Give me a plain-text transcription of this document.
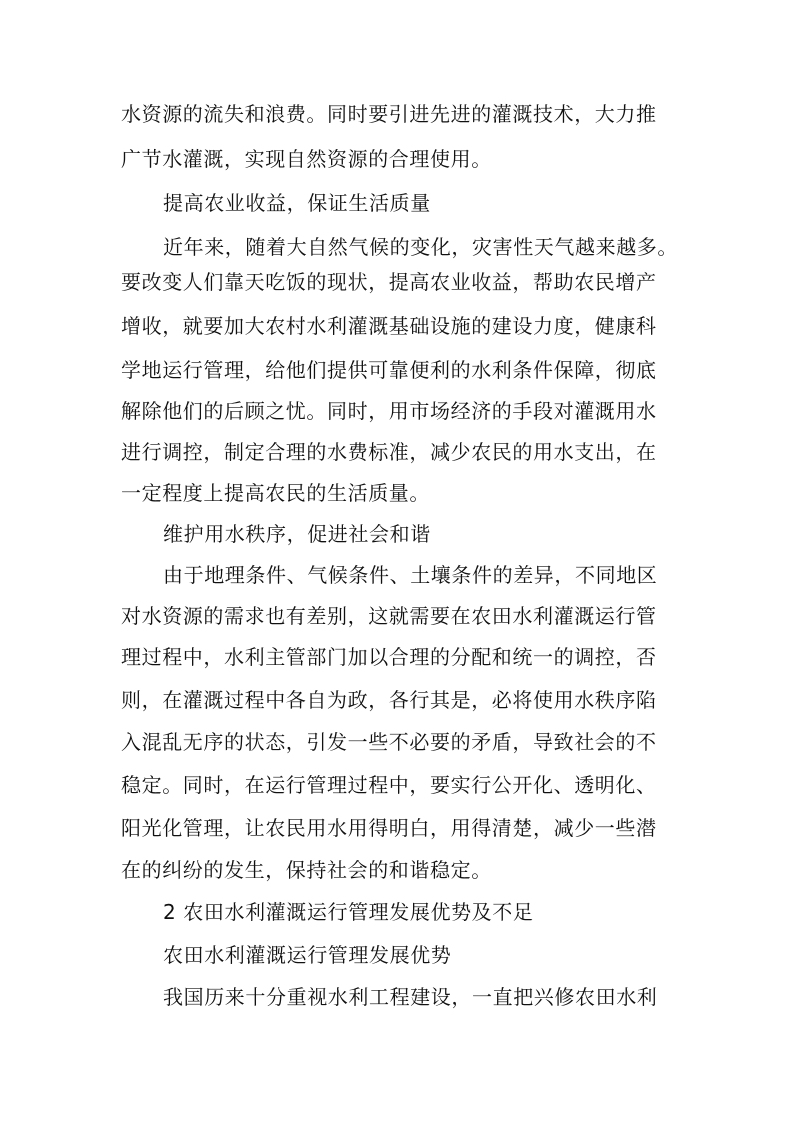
水资源的流失和浪费。同时要引进先进的灌溉技术，大力推
广节水灌溉，实现自然资源的合理使用。
提高农业收益，保证生活质量
近年来，随着大自然气候的变化，灾害性天气越来越多。
要改变人们靠天吃饭的现状，提高农业收益，帮助农民增产
增收，就要加大农村水利灌溉基础设施的建设力度，健康科
学地运行管理，给他们提供可靠便利的水利条件保障，彻底
解除他们的后顾之忧。同时，用市场经济的手段对灌溉用水
进行调控，制定合理的水费标准，减少农民的用水支出，在
一定程度上提高农民的生活质量。
维护用水秩序，促进社会和谐
由于地理条件、气候条件、土壤条件的差异，不同地区
对水资源的需求也有差别，这就需要在农田水利灌溉运行管
理过程中，水利主管部门加以合理的分配和统一的调控，否
则，在灌溉过程中各自为政，各行其是，必将使用水秩序陷
入混乱无序的状态，引发一些不必要的矛盾，导致社会的不
稳定。同时，在运行管理过程中，要实行公开化、透明化、
阳光化管理，让农民用水用得明白，用得清楚，减少一些潜
在的纠纷的发生，保持社会的和谐稳定。
2 农田水利灌溉运行管理发展优势及不足
农田水利灌溉运行管理发展优势
我国历来十分重视水利工程建设，一直把兴修农田水利
